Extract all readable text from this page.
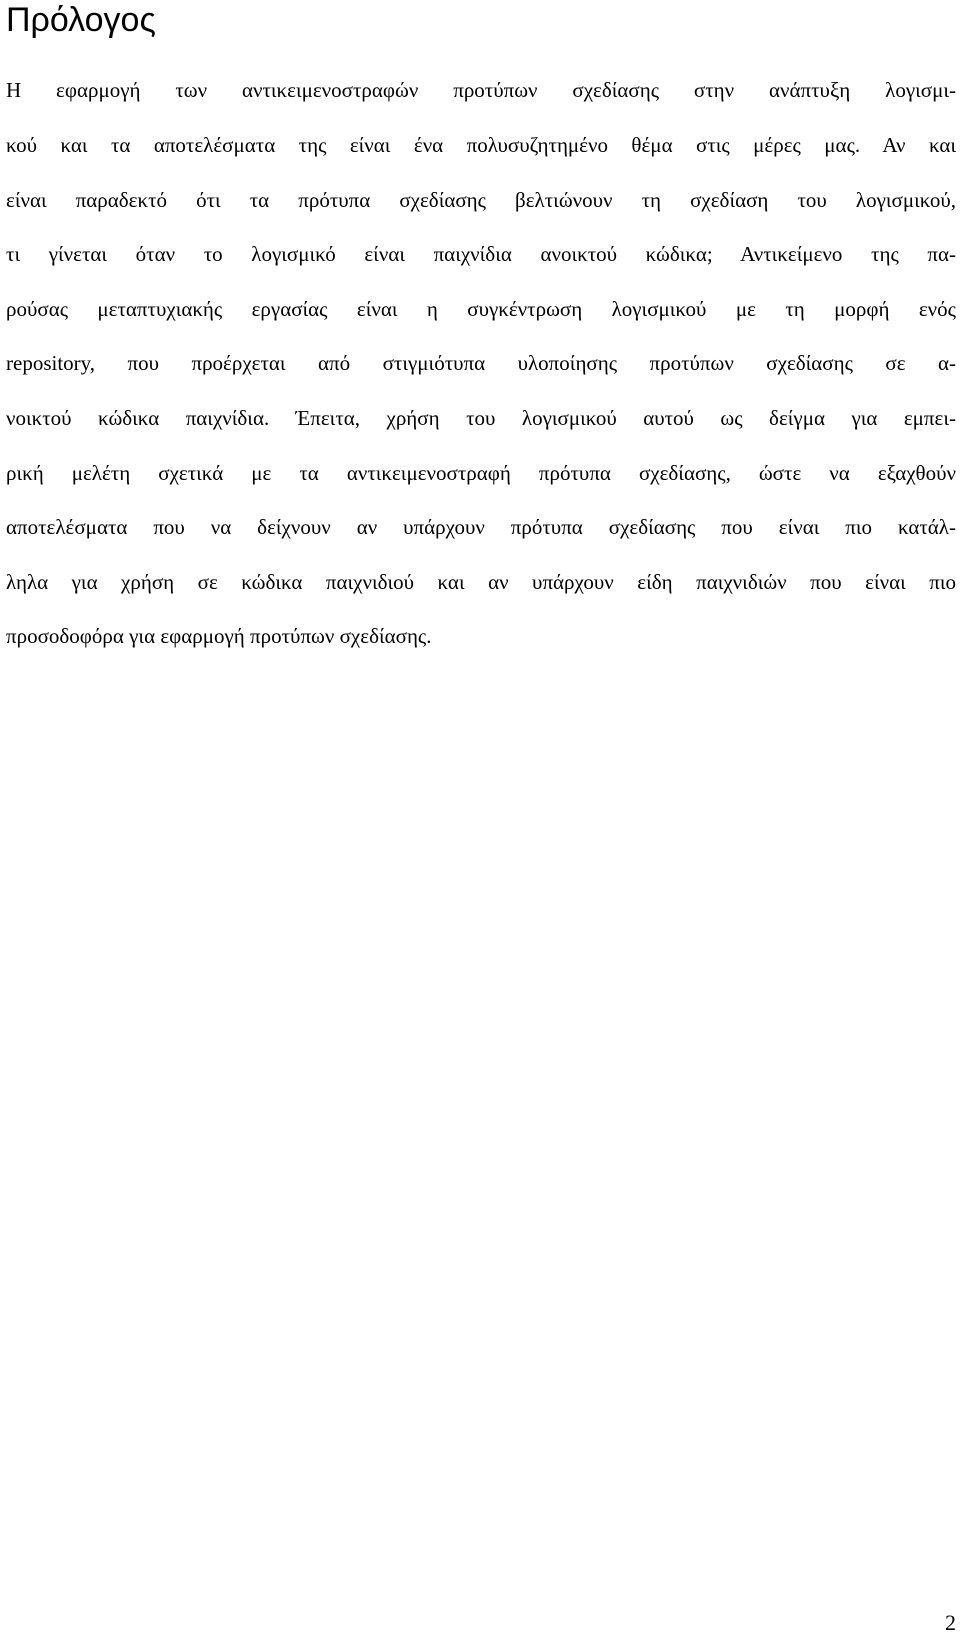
Πρόλογος
Η εφαρμογή των αντικειμενοστραφών προτύπων σχεδίασης στην ανάπτυξη λογισμι-
κού και τα αποτελέσματα της είναι ένα πολυσυζητημένο θέμα στις μέρες μας. Αν και
είναι παραδεκτό ότι τα πρότυπα σχεδίασης βελτιώνουν τη σχεδίαση του λογισμικού,
τι γίνεται όταν το λογισμικό είναι παιχνίδια ανοικτού κώδικα; Αντικείμενο της πα-
ρούσας μεταπτυχιακής εργασίας είναι η συγκέντρωση λογισμικού με τη μορφή ενός
repository, που προέρχεται από στιγμιότυπα υλοποίησης προτύπων σχεδίασης σε α-
νοικτού κώδικα παιχνίδια. Έπειτα, χρήση του λογισμικού αυτού ως δείγμα για εμπει-
ρική μελέτη σχετικά με τα αντικειμενοστραφή πρότυπα σχεδίασης, ώστε να εξαχθούν
αποτελέσματα που να δείχνουν αν υπάρχουν πρότυπα σχεδίασης που είναι πιο κατάλ-
ληλα για χρήση σε κώδικα παιχνιδιού και αν υπάρχουν είδη παιχνιδιών που είναι πιο
προσοδοφόρα για εφαρμογή προτύπων σχεδίασης.
2
